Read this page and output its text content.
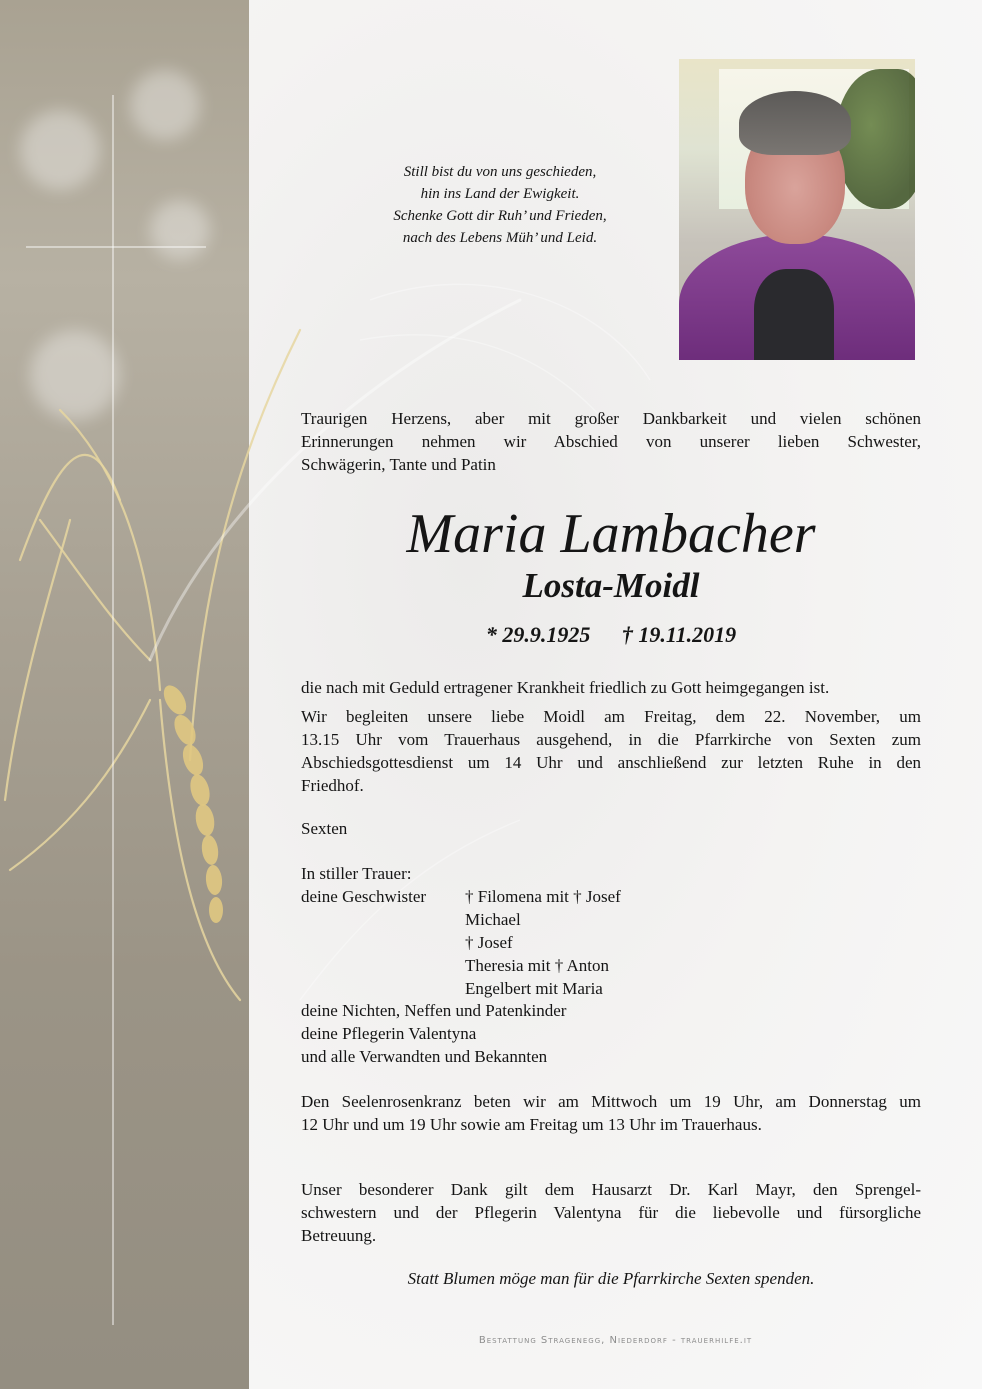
Still bist du von uns geschieden,
hin ins Land der Ewigkeit.
Schenke Gott dir Ruh’ und Frieden,
nach des Lebens Müh’ und Leid.
Traurigen Herzens, aber mit großer Dankbarkeit und vielen schönen
Erinnerungen nehmen wir Abschied von unserer lieben Schwester,
Schwägerin, Tante und Patin
Maria Lambacher
Losta-Moidl
* 29.9.1925 † 19.11.2019
die nach mit Geduld ertragener Krankheit friedlich zu Gott heimgegangen ist.
Wir begleiten unsere liebe Moidl am Freitag, dem 22. November, um
13.15 Uhr vom Trauerhaus ausgehend, in die Pfarrkirche von Sexten zum
Abschiedsgottesdienst um 14 Uhr und anschließend zur letzten Ruhe in den
Friedhof.
Sexten
In stiller Trauer:
deine Geschwister † Filomena mit † Josef
Michael
† Josef
Theresia mit † Anton
Engelbert mit Maria
deine Nichten, Neffen und Patenkinder
deine Pflegerin Valentyna
und alle Verwandten und Bekannten
Den Seelenrosenkranz beten wir am Mittwoch um 19 Uhr, am Donnerstag um
12 Uhr und um 19 Uhr sowie am Freitag um 13 Uhr im Trauerhaus.
Unser besonderer Dank gilt dem Hausarzt Dr. Karl Mayr, den Sprengel-
schwestern und der Pflegerin Valentyna für die liebevolle und fürsorgliche
Betreuung.
Statt Blumen möge man für die Pfarrkirche Sexten spenden.
Bestattung Stragenegg, Niederdorf - trauerhilfe.it
